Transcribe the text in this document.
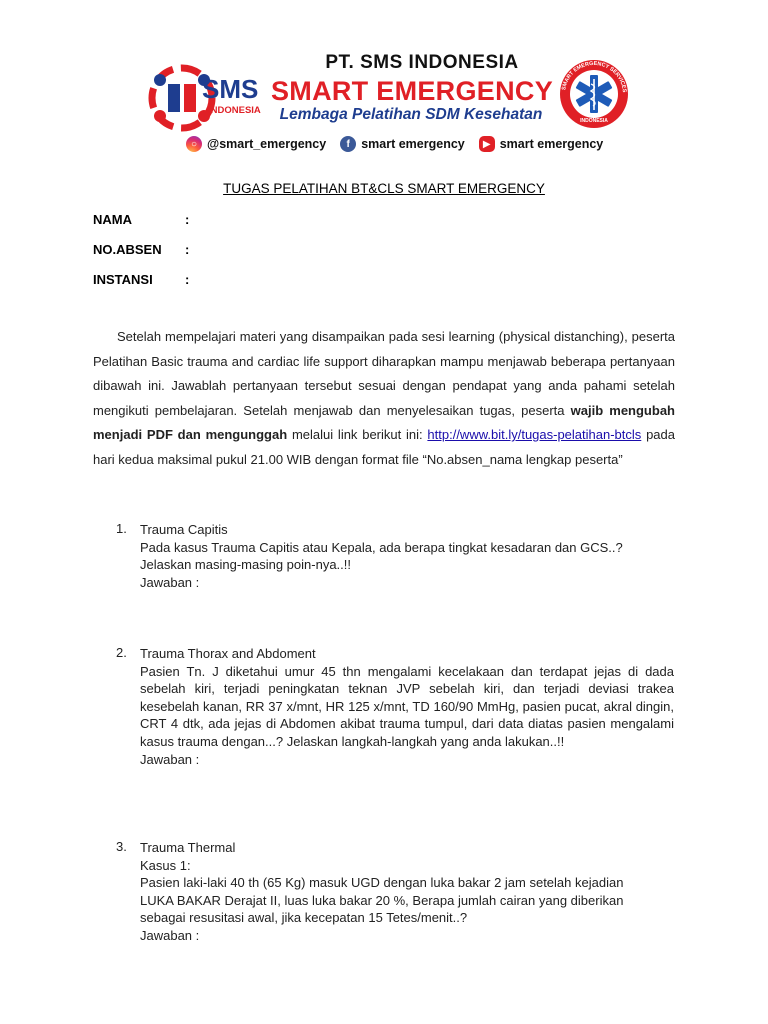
SMS
INDONESIA
PT. SMS INDONESIA
SMART EMERGENCY
Lembaga Pelatihan SDM Kesehatan
SMART EMERGENCY SERVICES
INDONESIA
○ @smart_emergency	f smart emergency	▶ smart emergency
TUGAS PELATIHAN BT&CLS SMART EMERGENCY
NAMA	:
NO.ABSEN :
INSTANSI :
Setelah mempelajari materi yang disampaikan pada sesi learning (physical distanching), peserta Pelatihan Basic trauma and cardiac life support diharapkan mampu menjawab beberapa pertanyaan dibawah ini. Jawablah pertanyaan tersebut sesuai dengan pendapat yang anda pahami setelah mengikuti pembelajaran. Setelah menjawab dan menyelesaikan tugas, peserta wajib mengubah menjadi PDF dan mengunggah melalui link berikut ini: http://www.bit.ly/tugas-pelatihan-btcls pada hari kedua maksimal pukul 21.00 WIB dengan format file “No.absen_nama lengkap peserta”
1. Trauma Capitis
Pada kasus Trauma Capitis atau Kepala, ada berapa tingkat kesadaran dan GCS..?
Jelaskan masing-masing poin-nya..!!
Jawaban :
2. Trauma Thorax and Abdoment
Pasien Tn. J diketahui umur 45 thn mengalami kecelakaan dan terdapat jejas di dada sebelah kiri, terjadi peningkatan teknan JVP sebelah kiri, dan terjadi deviasi trakea kesebelah kanan, RR 37 x/mnt, HR 125 x/mnt, TD 160/90 MmHg, pasien pucat, akral dingin, CRT 4 dtk, ada jejas di Abdomen akibat trauma tumpul, dari data diatas pasien mengalami kasus trauma dengan...? Jelaskan langkah-langkah yang anda lakukan..!!
Jawaban :
3. Trauma Thermal
Kasus 1:
Pasien laki-laki 40 th (65 Kg) masuk UGD dengan luka bakar 2 jam setelah kejadian
LUKA BAKAR Derajat II, luas luka bakar 20 %, Berapa jumlah cairan yang diberikan
sebagai resusitasi awal, jika kecepatan 15 Tetes/menit..?
Jawaban :
